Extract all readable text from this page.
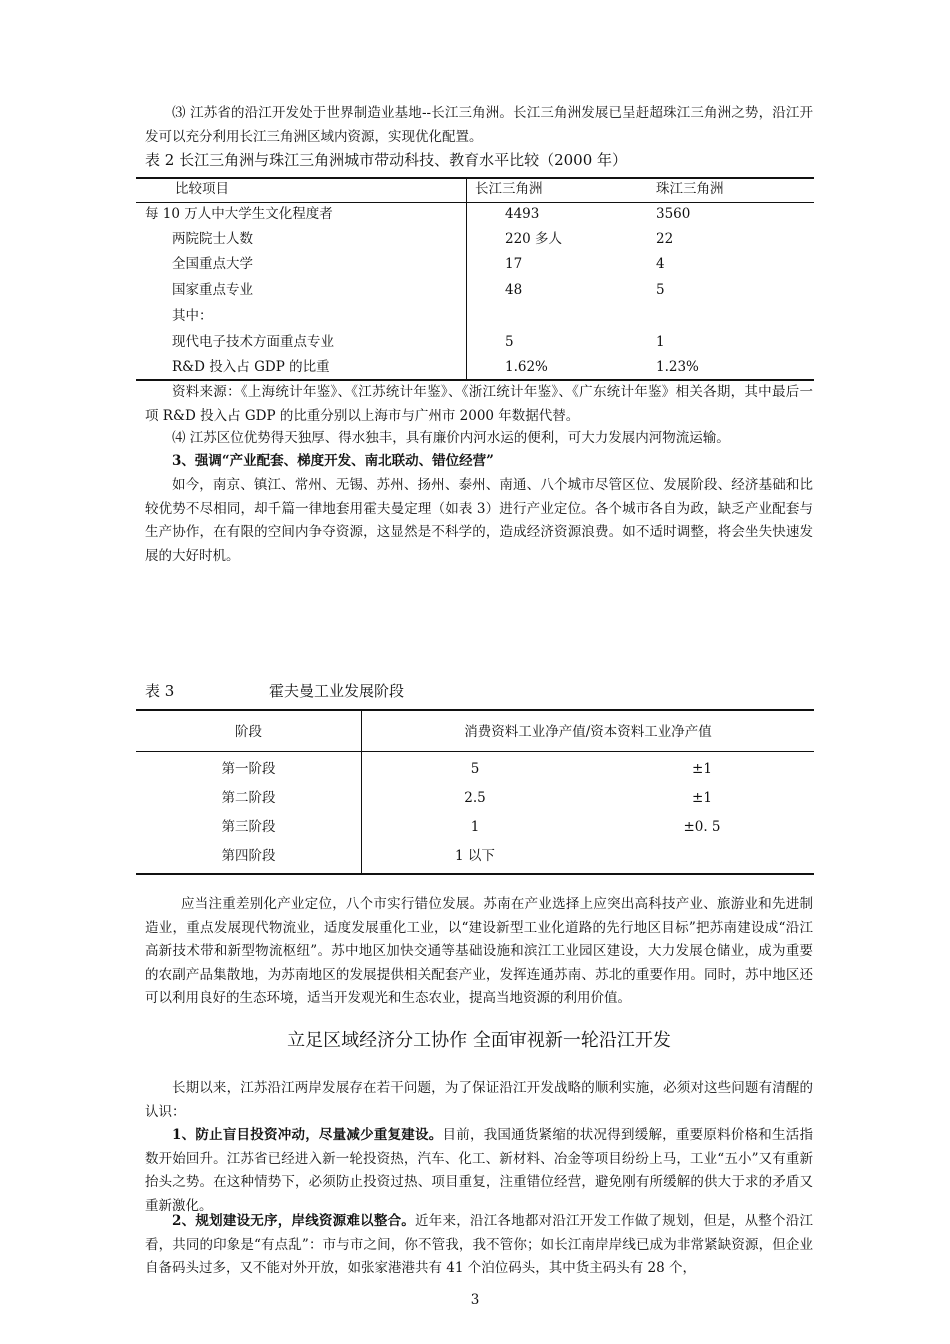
⑶ 江苏省的沿江开发处于世界制造业基地--长江三角洲。长江三角洲发展已呈赶超珠江三角洲之势，沿江开发可以充分利用长江三角洲区域内资源，实现优化配置。
表 2 长江三角洲与珠江三角洲城市带动科技、教育水平比较（2000 年）
比较项目	长江三角洲	珠江三角洲
每 10 万人中大学生文化程度者	4493	3560
两院院士人数	220 多人	22
全国重点大学	17	4
国家重点专业	48	5
其中：
现代电子技术方面重点专业	5	1
R&D 投入占 GDP 的比重	1.62%	1.23%
资料来源：《上海统计年鉴》、《江苏统计年鉴》、《浙江统计年鉴》、《广东统计年鉴》相关各期，其中最后一项 R&D 投入占 GDP 的比重分别以上海市与广州市 2000 年数据代替。
⑷ 江苏区位优势得天独厚、得水独丰，具有廉价内河水运的便利，可大力发展内河物流运输。
3、强调“产业配套、梯度开发、南北联动、错位经营”
如今，南京、镇江、常州、无锡、苏州、扬州、泰州、南通、八个城市尽管区位、发展阶段、经济基础和比较优势不尽相同，却千篇一律地套用霍夫曼定理（如表 3）进行产业定位。各个城市各自为政，缺乏产业配套与生产协作，在有限的空间内争夺资源，这显然是不科学的，造成经济资源浪费。如不适时调整，将会坐失快速发展的大好时机。
表 3	霍夫曼工业发展阶段
阶段	消费资料工业净产值/资本资料工业净产值
第一阶段	5	±1
第二阶段	2.5	±1
第三阶段	1	±0. 5
第四阶段	1 以下
应当注重差别化产业定位，八个市实行错位发展。苏南在产业选择上应突出高科技产业、旅游业和先进制造业，重点发展现代物流业，适度发展重化工业，以“建设新型工业化道路的先行地区目标”把苏南建设成“沿江高新技术带和新型物流枢纽”。苏中地区加快交通等基础设施和滨江工业园区建设，大力发展仓储业，成为重要的农副产品集散地，为苏南地区的发展提供相关配套产业，发挥连通苏南、苏北的重要作用。同时，苏中地区还可以利用良好的生态环境，适当开发观光和生态农业，提高当地资源的利用价值。
立足区域经济分工协作 全面审视新一轮沿江开发
长期以来，江苏沿江两岸发展存在若干问题，为了保证沿江开发战略的顺利实施，必须对这些问题有清醒的认识：
1、防止盲目投资冲动，尽量减少重复建设。目前，我国通货紧缩的状况得到缓解，重要原料价格和生活指数开始回升。江苏省已经进入新一轮投资热，汽车、化工、新材料、冶金等项目纷纷上马，工业“五小”又有重新抬头之势。在这种情势下，必须防止投资过热、项目重复，注重错位经营，避免刚有所缓解的供大于求的矛盾又重新激化。
2、规划建设无序，岸线资源难以整合。近年来，沿江各地都对沿江开发工作做了规划，但是，从整个沿江看，共同的印象是“有点乱”：市与市之间，你不管我，我不管你；如长江南岸岸线已成为非常紧缺资源，但企业自备码头过多，又不能对外开放，如张家港港共有 41 个泊位码头，其中货主码头有 28 个，
3
